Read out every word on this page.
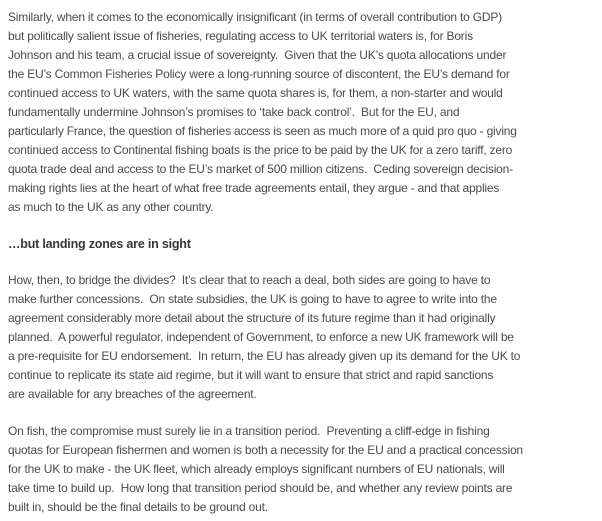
Similarly, when it comes to the economically insignificant (in terms of overall contribution to GDP)
but politically salient issue of fisheries, regulating access to UK territorial waters is, for Boris
Johnson and his team, a crucial issue of sovereignty.  Given that the UK’s quota allocations under
the EU’s Common Fisheries Policy were a long-running source of discontent, the EU’s demand for
continued access to UK waters, with the same quota shares is, for them, a non-starter and would
fundamentally undermine Johnson’s promises to ‘take back control’.  But for the EU, and
particularly France, the question of fisheries access is seen as much more of a quid pro quo - giving
continued access to Continental fishing boats is the price to be paid by the UK for a zero tariff, zero
quota trade deal and access to the EU’s market of 500 million citizens.  Ceding sovereign decision-
making rights lies at the heart of what free trade agreements entail, they argue - and that applies
as much to the UK as any other country.

…but landing zones are in sight

How, then, to bridge the divides?  It’s clear that to reach a deal, both sides are going to have to
make further concessions.  On state subsidies, the UK is going to have to agree to write into the
agreement considerably more detail about the structure of its future regime than it had originally
planned.  A powerful regulator, independent of Government, to enforce a new UK framework will be
a pre-requisite for EU endorsement.  In return, the EU has already given up its demand for the UK to
continue to replicate its state aid regime, but it will want to ensure that strict and rapid sanctions
are available for any breaches of the agreement.

On fish, the compromise must surely lie in a transition period.  Preventing a cliff-edge in fishing
quotas for European fishermen and women is both a necessity for the EU and a practical concession
for the UK to make - the UK fleet, which already employs significant numbers of EU nationals, will
take time to build up.  How long that transition period should be, and whether any review points are
built in, should be the final details to be ground out.
